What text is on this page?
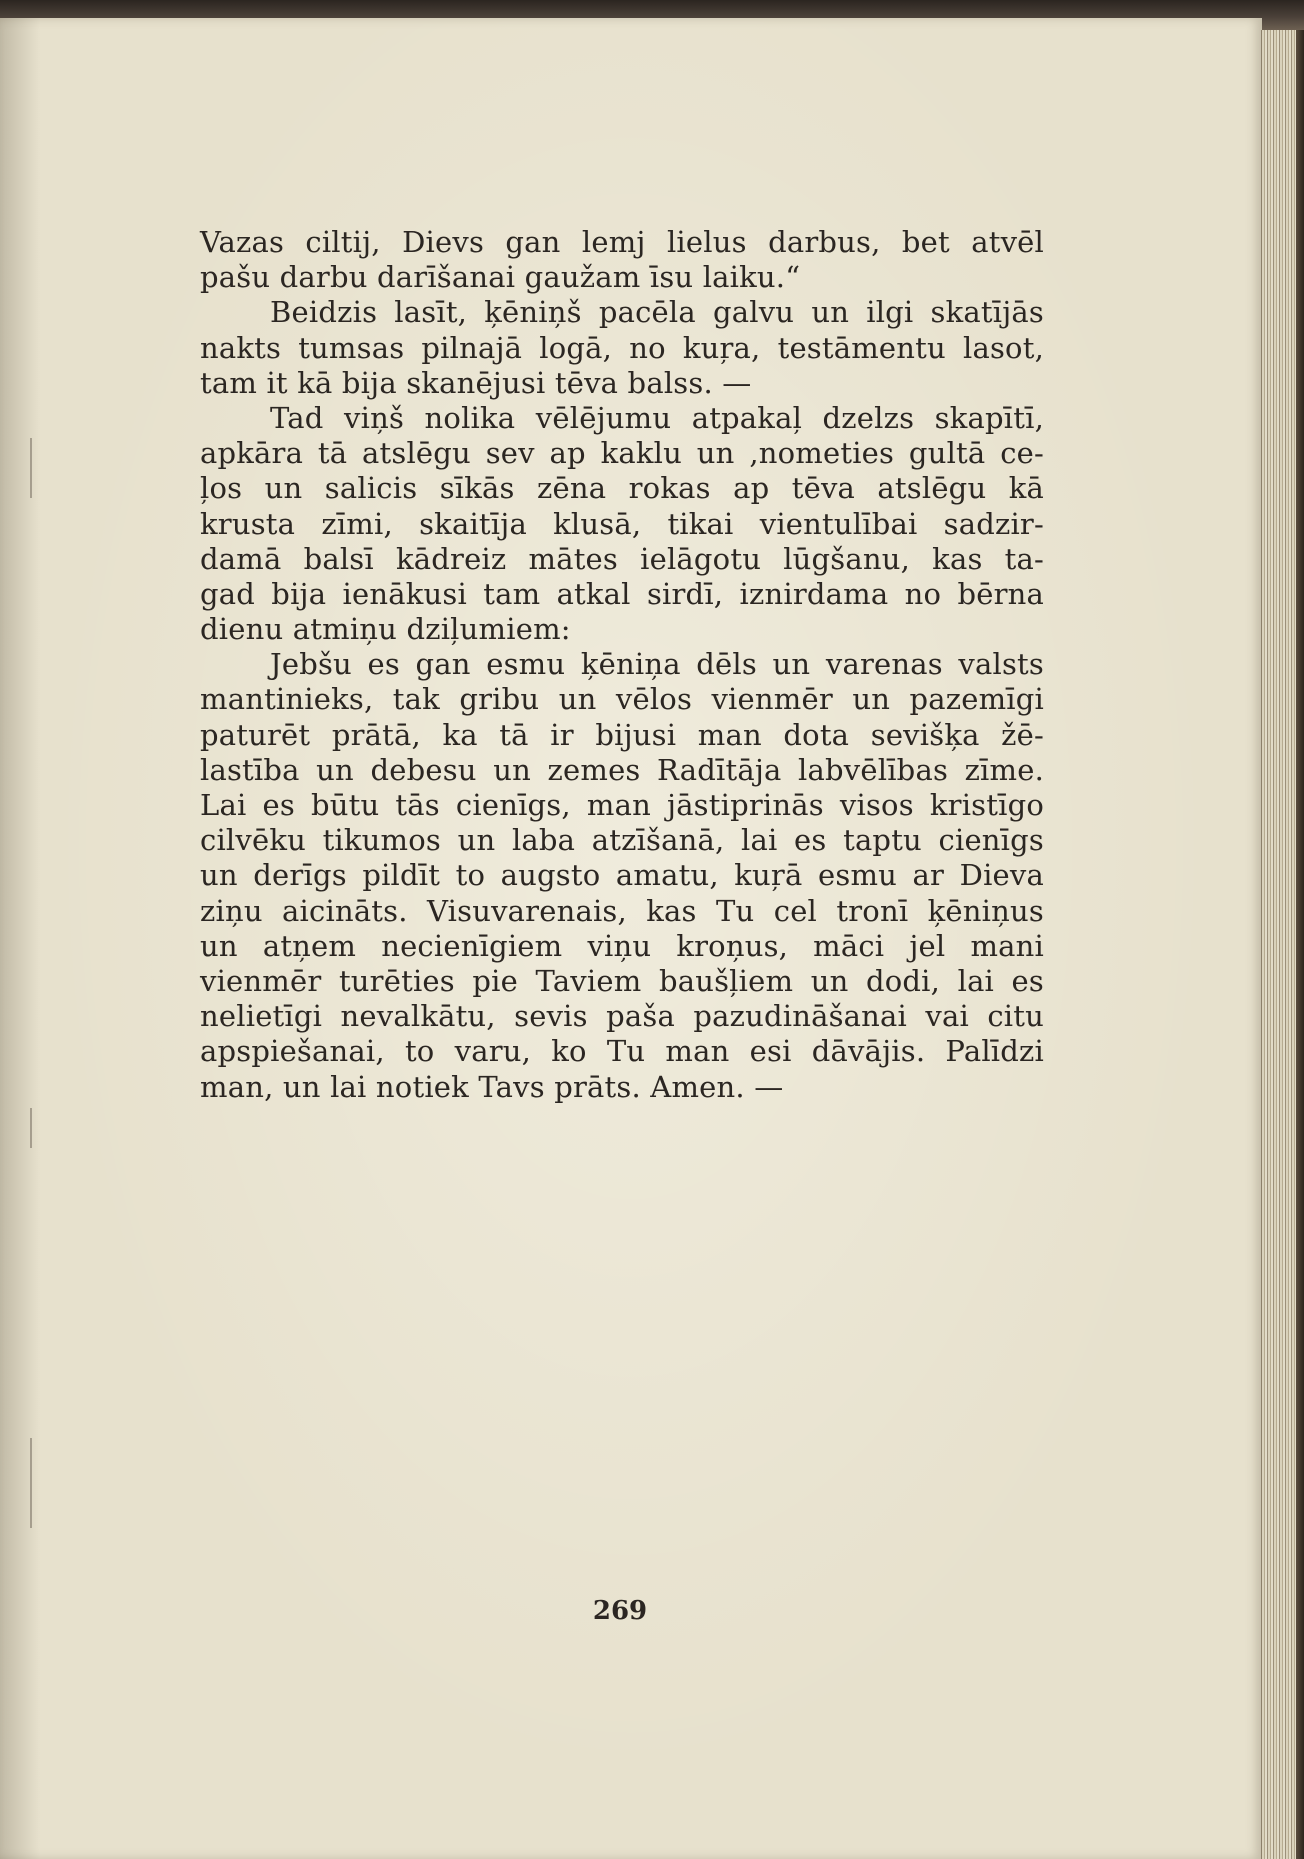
Vazas ciltij, Dievs gan lemj lielus darbus, bet atvēl
pašu darbu darīšanai gaužam īsu laiku.“
Beidzis lasīt, ķēniņš pacēla galvu un ilgi skatījās
nakts tumsas pilnajā logā, no kuŗa, testāmentu lasot,
tam it kā bija skanējusi tēva balss. —
Tad viņš nolika vēlējumu atpakaļ dzelzs skapītī,
apkāra tā atslēgu sev ap kaklu un ,nometies gultā ce-
ļos un salicis sīkās zēna rokas ap tēva atslēgu kā
krusta zīmi, skaitīja klusā, tikai vientulībai sadzir-
damā balsī kādreiz mātes ielāgotu lūgšanu, kas ta-
gad bija ienākusi tam atkal sirdī, iznirdama no bērna
dienu atmiņu dziļumiem:
Jebšu es gan esmu ķēniņa dēls un varenas valsts
mantinieks, tak gribu un vēlos vienmēr un pazemīgi
paturēt prātā, ka tā ir bijusi man dota sevišķa žē-
lastība un debesu un zemes Radītāja labvēlības zīme.
Lai es būtu tās cienīgs, man jāstiprinās visos kristīgo
cilvēku tikumos un laba atzīšanā, lai es taptu cienīgs
un derīgs pildīt to augsto amatu, kuŗā esmu ar Dieva
ziņu aicināts. Visuvarenais, kas Tu cel tronī ķēniņus
un atņem necienīgiem viņu kroņus, māci jel mani
vienmēr turēties pie Taviem baušļiem un dodi, lai es
nelietīgi nevalkātu, sevis paša pazudināšanai vai citu
apspiešanai, to varu, ko Tu man esi dāvājis. Palīdzi
man, un lai notiek Tavs prāts. Amen. —
269
